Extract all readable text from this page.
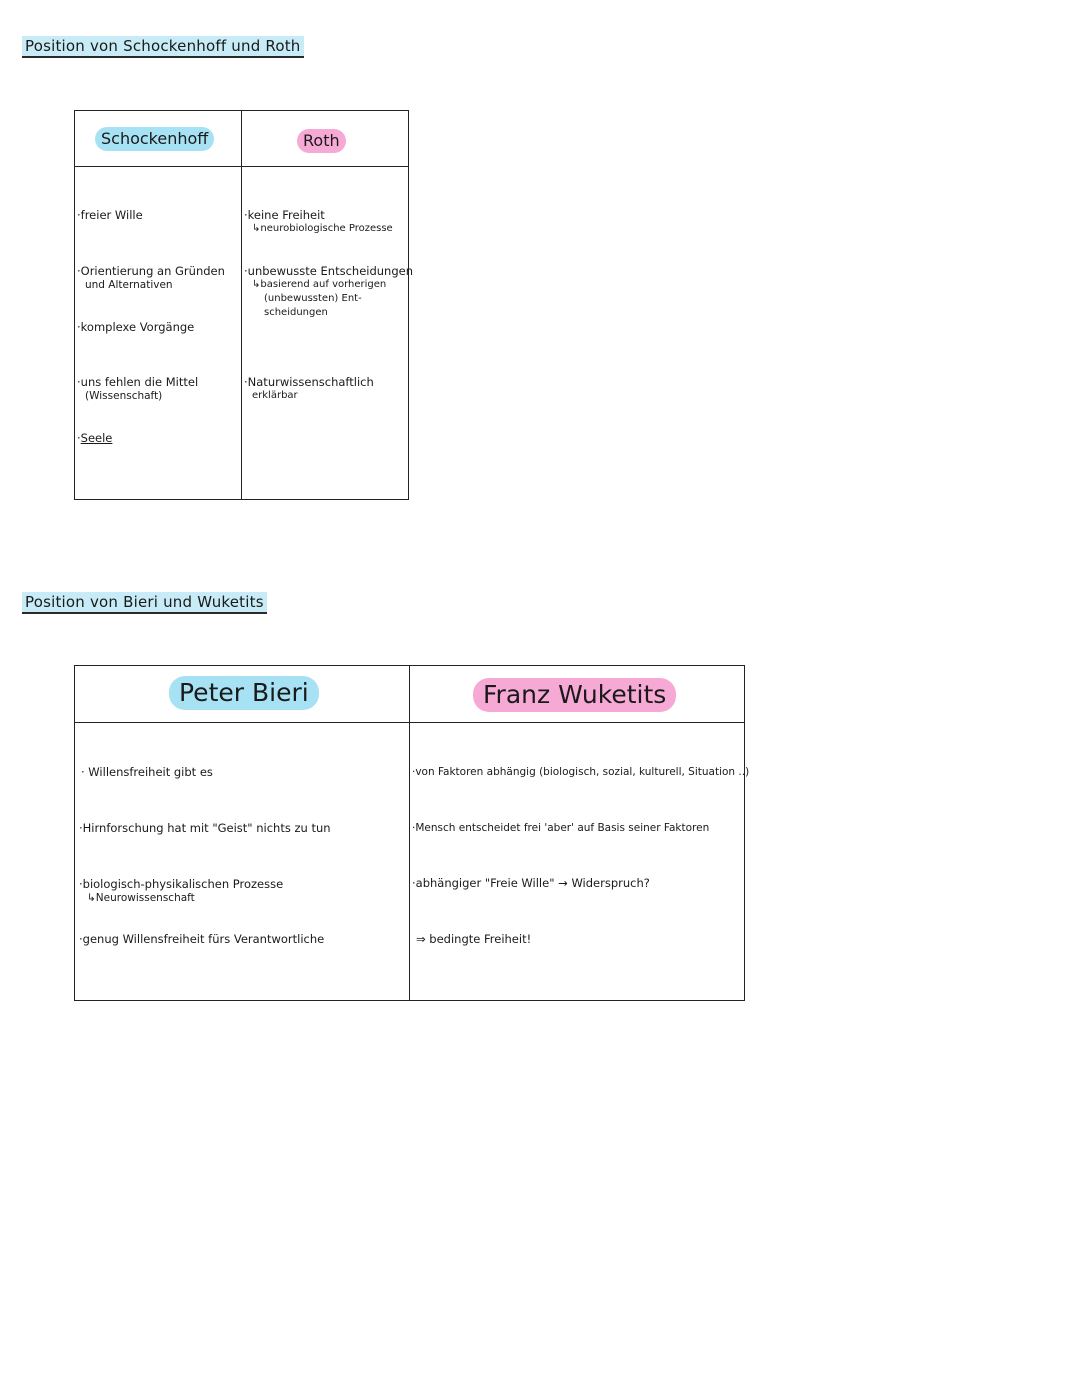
Position von Schockenhoff und Roth
Schockenhoff	Roth
·freier Wille
·Orientierung an Gründen
und Alternativen
·komplexe Vorgänge
·uns fehlen die Mittel
(Wissenschaft)
·Seele
·keine Freiheit
↳neurobiologische Prozesse
·unbewusste Entscheidungen
↳basierend auf vorherigen
(unbewussten) Ent-
scheidungen
·Naturwissenschaftlich
erklärbar
Position von Bieri und Wuketits
Peter Bieri	Franz Wuketits
· Willensfreiheit gibt es
·Hirnforschung hat mit "Geist" nichts zu tun
·biologisch-physikalischen Prozesse
↳Neurowissenschaft
·genug Willensfreiheit fürs Verantwortliche
·von Faktoren abhängig (biologisch, sozial, kulturell, Situation ..)
·Mensch entscheidet frei 'aber' auf Basis seiner Faktoren
·abhängiger "Freie Wille" → Widerspruch?
⇒ bedingte Freiheit!
